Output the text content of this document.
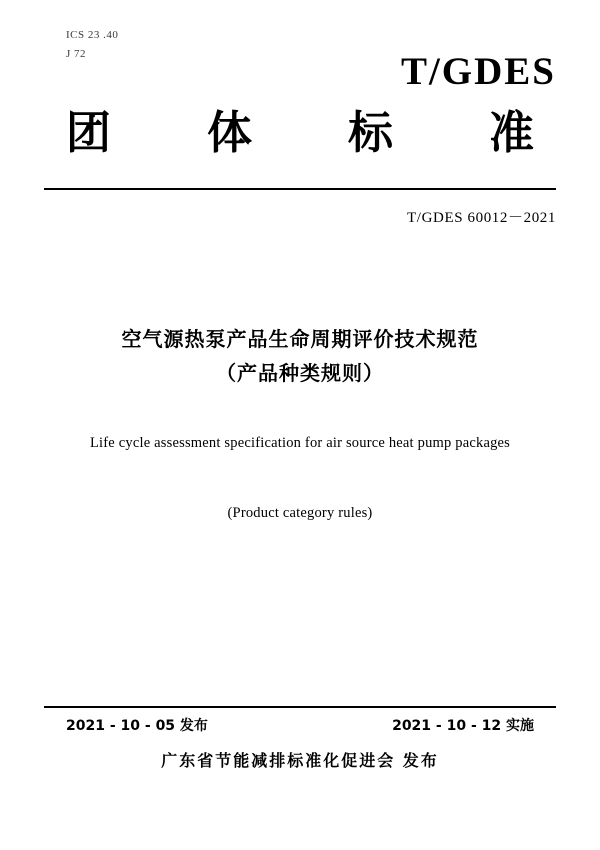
ICS 23 .40
J 72	T/GDES
团 体 标 准
T/GDES 60012－2021
空气源热泵产品生命周期评价技术规范
（产品种类规则）
Life cycle assessment specification for air source heat pump packages
(Product category rules)
2021 - 10 - 05 发布	2021 - 10 - 12 实施
广东省节能减排标准化促进会 发布
